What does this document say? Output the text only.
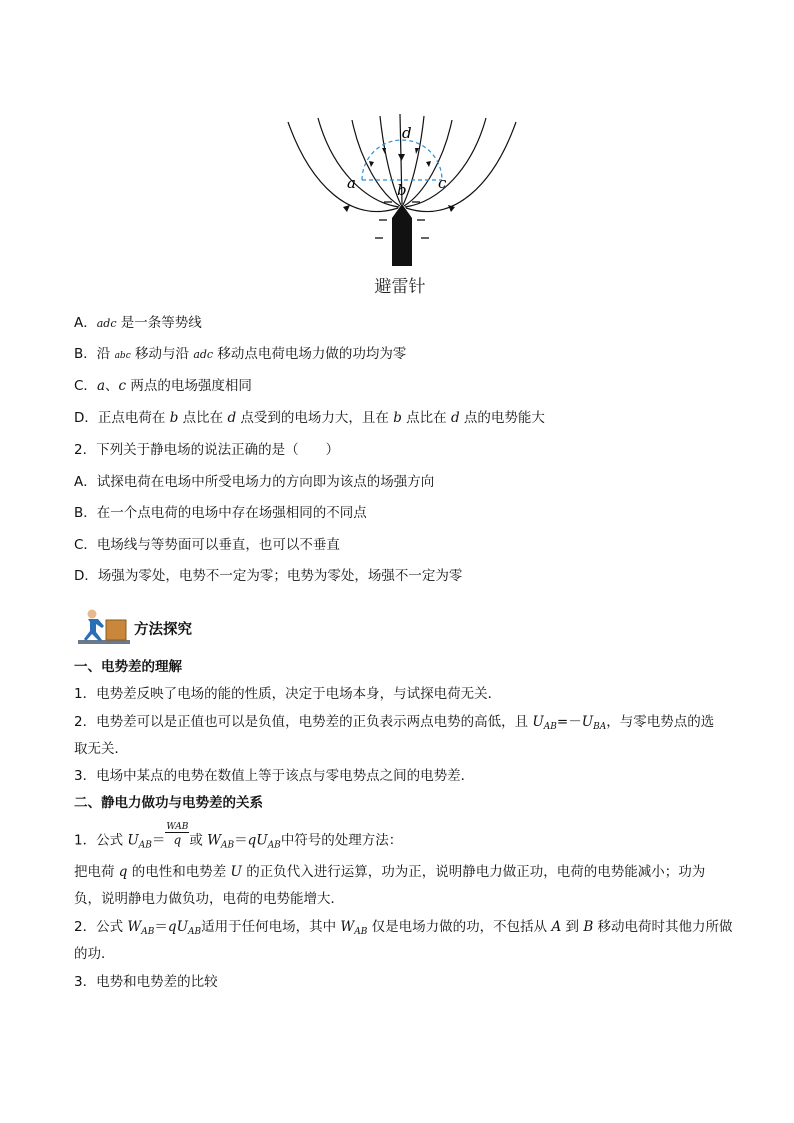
d
a	b c
避雷针
A．adc 是一条等势线
B．沿 abc 移动与沿 adc 移动点电荷电场力做的功均为零
C．a、c 两点的电场强度相同
D．正点电荷在 b 点比在 d 点受到的电场力大，且在 b 点比在 d 点的电势能大
2．下列关于静电场的说法正确的是（　　）
A．试探电荷在电场中所受电场力的方向即为该点的场强方向
B．在一个点电荷的电场中存在场强相同的不同点
C．电场线与等势面可以垂直，也可以不垂直
D．场强为零处，电势不一定为零；电势为零处，场强不一定为零
方法探究
一、电势差的理解
1．电势差反映了电场的能的性质，决定于电场本身，与试探电荷无关．
2．电势差可以是正值也可以是负值，电势差的正负表示两点电势的高低，且 $U_{AB}=-U_{BA}$，与零电势点的选
取无关．
3．电场中某点的电势在数值上等于该点与零电势点之间的电势差．
二、静电力做功与电势差的关系
1．公式 $U_{AB}= \frac{\text{WAB}}{q}$ 或 $W_{AB}=qU_{AB}$中符号的处理方法：
把电荷 q 的电性和电势差 U 的正负代入进行运算，功为正，说明静电力做正功，电荷的电势能减小；功为
负，说明静电力做负功，电荷的电势能增大．
2．公式 $W_{AB}=qU_{AB}$适用于任何电场，其中 $W_{AB}$ 仅是电场力做的功，不包括从 A 到 B 移动电荷时其他力所做
的功．
3．电势和电势差的比较
